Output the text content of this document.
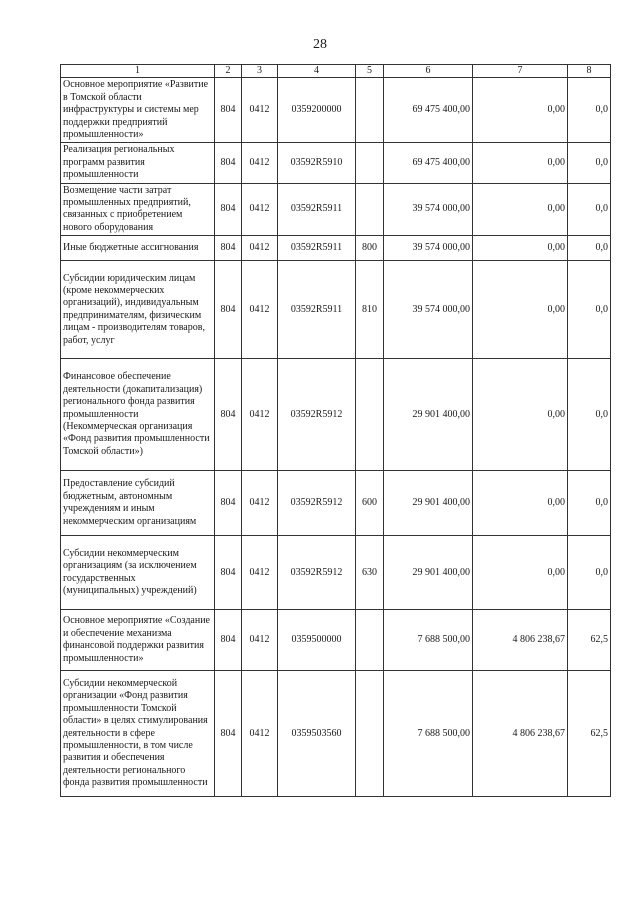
28
1	2	3	4	5	6	7	8
Основное мероприятие «Развитие в Томской области инфраструктуры и системы мер поддержки предприятий промышленности»	804	0412	0359200000		69 475 400,00	0,00	0,0
Реализация региональных программ развития промышленности	804	0412	03592R5910		69 475 400,00	0,00	0,0
Возмещение части затрат промышленных предприятий, связанных с приобретением нового оборудования	804	0412	03592R5911		39 574 000,00	0,00	0,0
Иные бюджетные ассигнования	804	0412	03592R5911	800	39 574 000,00	0,00	0,0
Субсидии юридическим лицам (кроме некоммерческих организаций), индивидуальным предпринимателям, физическим лицам - производителям товаров, работ, услуг	804	0412	03592R5911	810	39 574 000,00	0,00	0,0
Финансовое обеспечение деятельности (докапитализация) регионального фонда развития промышленности (Некоммерческая организация «Фонд развития промышленности Томской области»)	804	0412	03592R5912		29 901 400,00	0,00	0,0
Предоставление субсидий бюджетным, автономным учреждениям и иным некоммерческим организациям	804	0412	03592R5912	600	29 901 400,00	0,00	0,0
Субсидии некоммерческим организациям (за исключением государственных (муниципальных) учреждений)	804	0412	03592R5912	630	29 901 400,00	0,00	0,0
Основное мероприятие «Создание и обеспечение механизма финансовой поддержки развития промышленности»	804	0412	0359500000		7 688 500,00	4 806 238,67	62,5
Субсидии некоммерческой организации «Фонд развития промышленности Томской области» в целях стимулирования деятельности в сфере промышленности, в том числе развития и обеспечения деятельности регионального фонда развития промышленности	804	0412	0359503560		7 688 500,00	4 806 238,67	62,5
